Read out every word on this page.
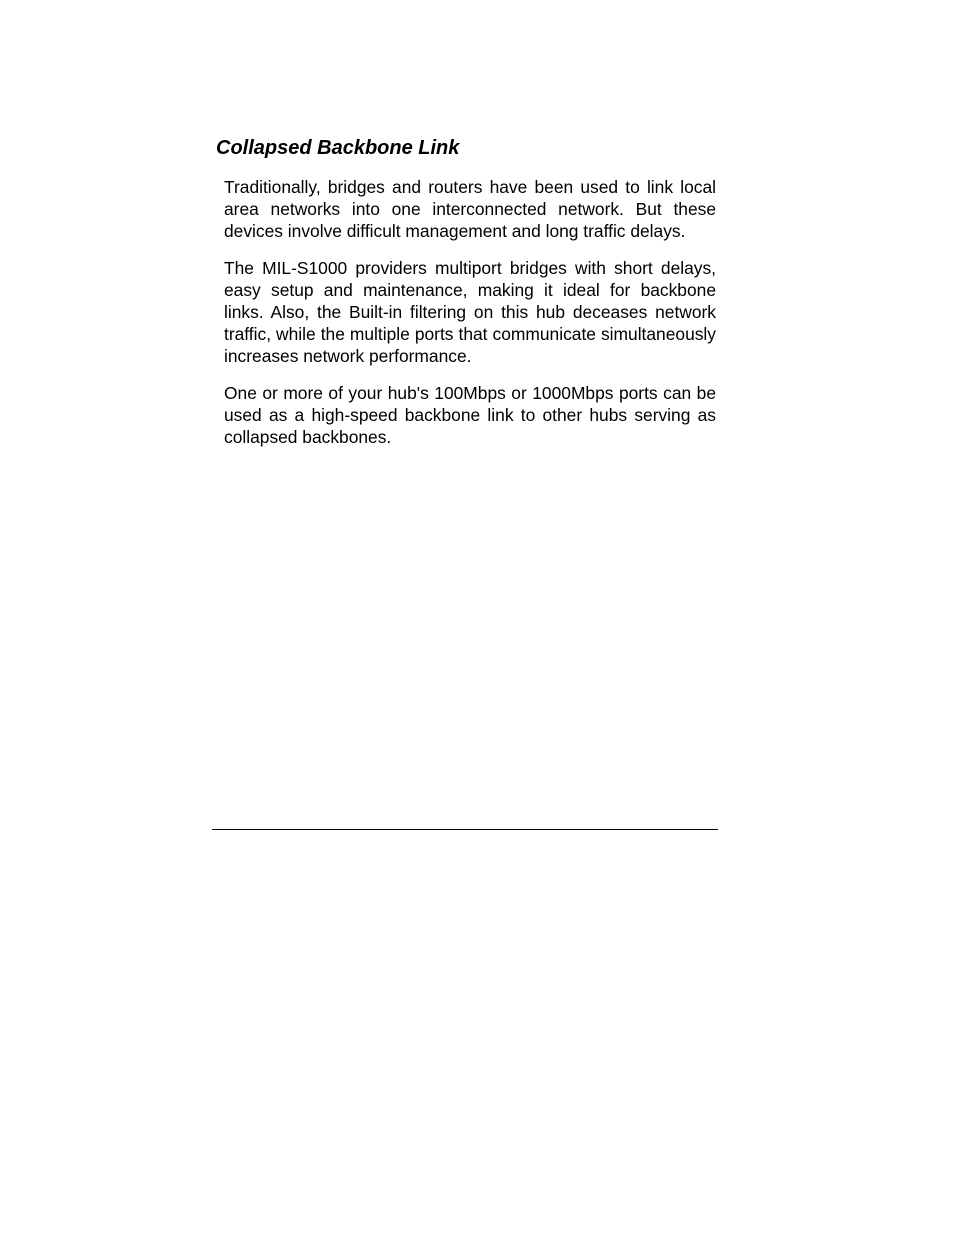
Collapsed Backbone Link

Traditionally, bridges and routers have been used to link local area networks into one interconnected network. But these devices involve difficult management and long traffic delays.

The MIL-S1000 providers multiport bridges with short delays, easy setup and maintenance, making it ideal for backbone links. Also, the Built-in filtering on this hub deceases network traffic, while the multiple ports that communicate simultaneously increases network performance.

One or more of your hub's 100Mbps or 1000Mbps ports can be used as a high-speed backbone link to other hubs serving as collapsed backbones.
